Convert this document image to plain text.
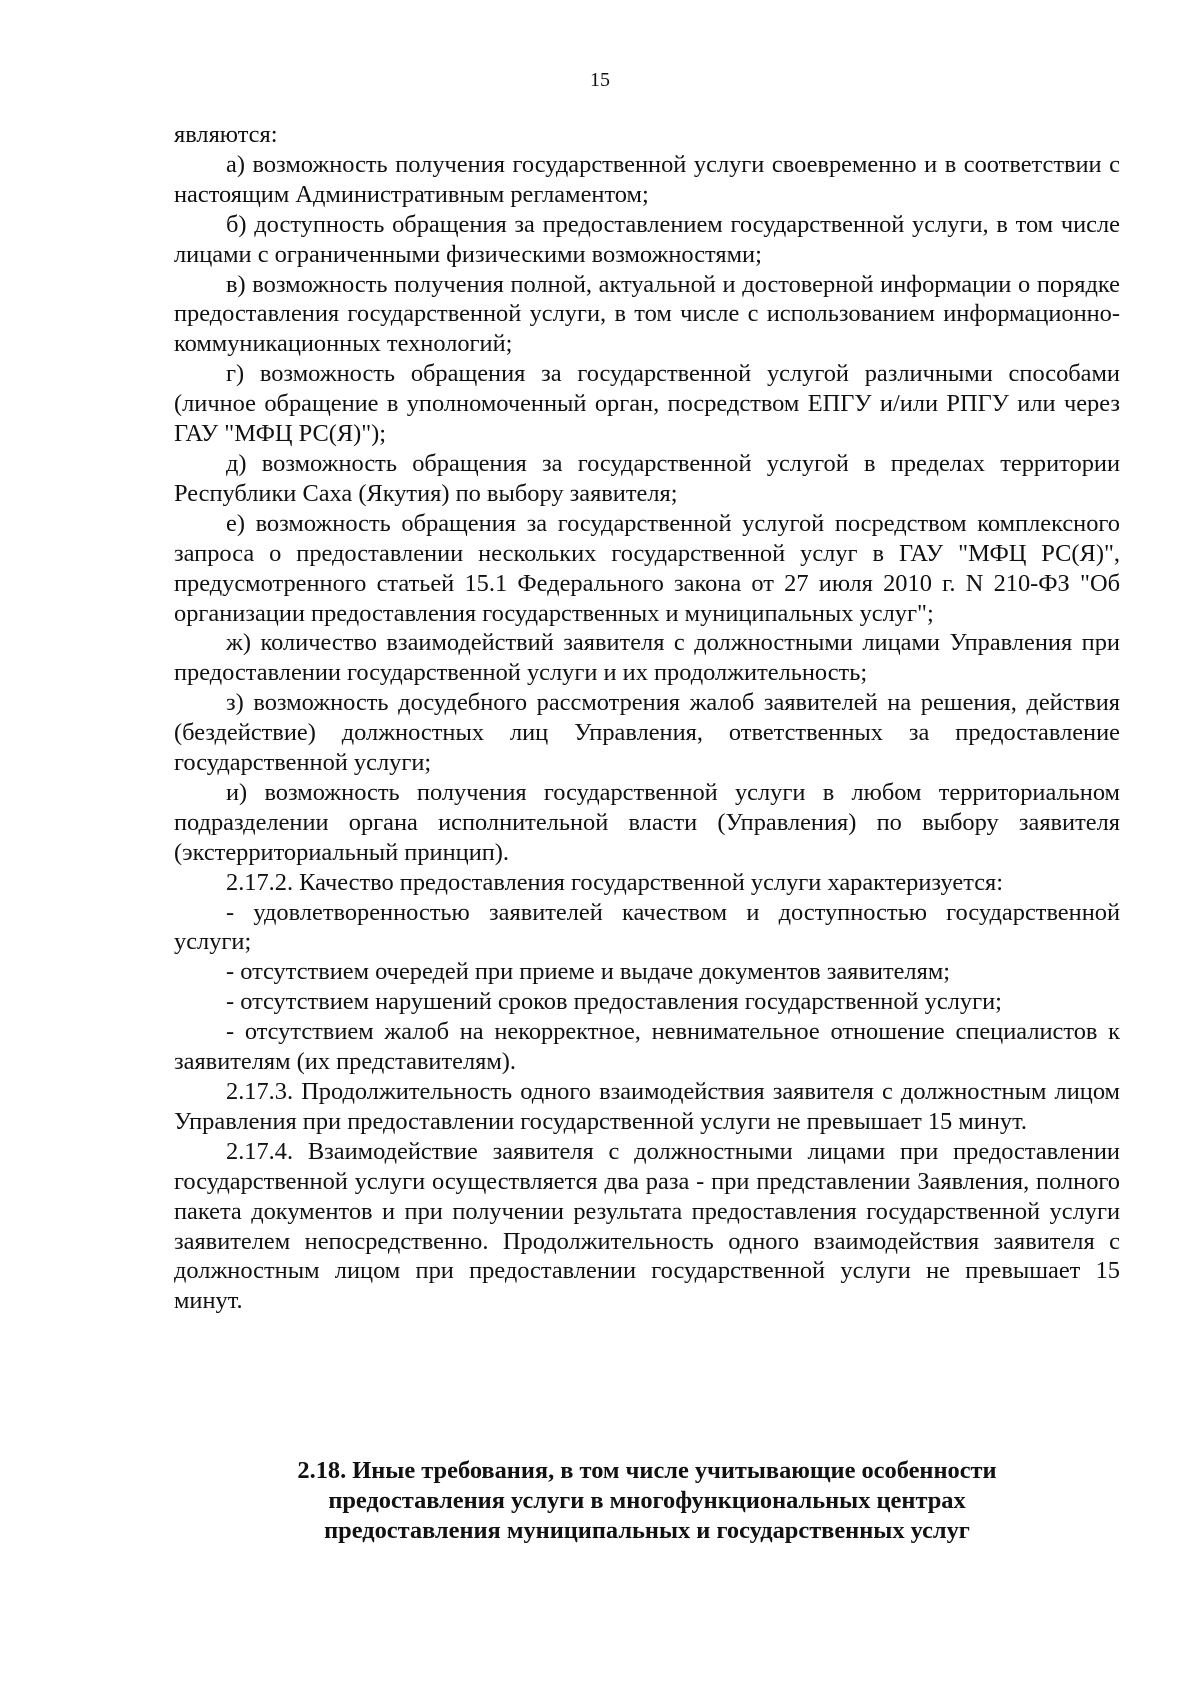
15

являются:

а) возможность получения государственной услуги своевременно и в соответствии с настоящим Административным регламентом;

б) доступность обращения за предоставлением государственной услуги, в том числе лицами с ограниченными физическими возможностями;

в) возможность получения полной, актуальной и достоверной информации о порядке предоставления государственной услуги, в том числе с использованием информационно-коммуникационных технологий;

г) возможность обращения за государственной услугой различными способами (личное обращение в уполномоченный орган, посредством ЕПГУ и/или РПГУ или через ГАУ "МФЦ РС(Я)");

д) возможность обращения за государственной услугой в пределах территории Республики Саха (Якутия) по выбору заявителя;

е) возможность обращения за государственной услугой посредством комплексного запроса о предоставлении нескольких государственной услуг в ГАУ "МФЦ РС(Я)", предусмотренного статьей 15.1 Федерального закона от 27 июля 2010 г. N 210-ФЗ "Об организации предоставления государственных и муниципальных услуг";

ж) количество взаимодействий заявителя с должностными лицами Управления при предоставлении государственной услуги и их продолжительность;

з) возможность досудебного рассмотрения жалоб заявителей на решения, действия (бездействие) должностных лиц Управления, ответственных за предоставление государственной услуги;

и) возможность получения государственной услуги в любом территориальном подразделении органа исполнительной власти (Управления) по выбору заявителя (экстерриториальный принцип).

2.17.2. Качество предоставления государственной услуги характеризуется:

- удовлетворенностью заявителей качеством и доступностью государственной услуги;

- отсутствием очередей при приеме и выдаче документов заявителям;

- отсутствием нарушений сроков предоставления государственной услуги;

- отсутствием жалоб на некорректное, невнимательное отношение специалистов к заявителям (их представителям).

2.17.3. Продолжительность одного взаимодействия заявителя с должностным лицом Управления при предоставлении государственной услуги не превышает 15 минут.

2.17.4. Взаимодействие заявителя с должностными лицами при предоставлении государственной услуги осуществляется два раза - при представлении Заявления, полного пакета документов и при получении результата предоставления государственной услуги заявителем непосредственно. Продолжительность одного взаимодействия заявителя с должностным лицом при предоставлении государственной услуги не превышает 15 минут.

2.18. Иные требования, в том числе учитывающие особенности
предоставления услуги в многофункциональных центрах
предоставления муниципальных и государственных услуг
